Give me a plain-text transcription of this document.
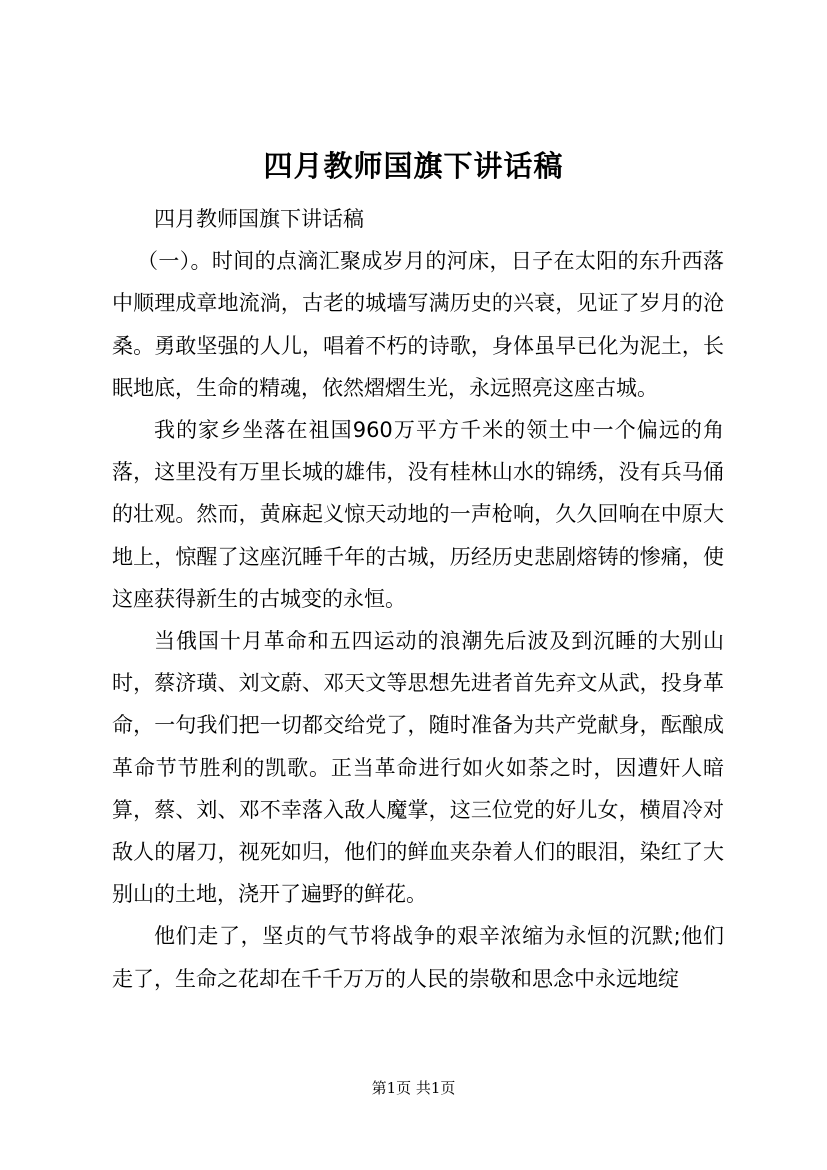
四月教师国旗下讲话稿

四月教师国旗下讲话稿

（一）。时间的点滴汇聚成岁月的河床，日子在太阳的东升西落中顺理成章地流淌，古老的城墙写满历史的兴衰，见证了岁月的沧桑。勇敢坚强的人儿，唱着不朽的诗歌，身体虽早已化为泥土，长眠地底，生命的精魂，依然熠熠生光，永远照亮这座古城。

我的家乡坐落在祖国960万平方千米的领土中一个偏远的角落，这里没有万里长城的雄伟，没有桂林山水的锦绣，没有兵马俑的壮观。然而，黄麻起义惊天动地的一声枪响，久久回响在中原大地上，惊醒了这座沉睡千年的古城，历经历史悲剧熔铸的惨痛，使这座获得新生的古城变的永恒。

当俄国十月革命和五四运动的浪潮先后波及到沉睡的大别山时，蔡济璜、刘文蔚、邓天文等思想先进者首先弃文从武，投身革命，一句我们把一切都交给党了，随时准备为共产党献身，酝酿成革命节节胜利的凯歌。正当革命进行如火如荼之时，因遭奸人暗算，蔡、刘、邓不幸落入敌人魔掌，这三位党的好儿女，横眉冷对敌人的屠刀，视死如归，他们的鲜血夹杂着人们的眼泪，染红了大别山的土地，浇开了遍野的鲜花。

他们走了，坚贞的气节将战争的艰辛浓缩为永恒的沉默;他们走了，生命之花却在千千万万的人民的崇敬和思念中永远地绽

第1页 共1页
